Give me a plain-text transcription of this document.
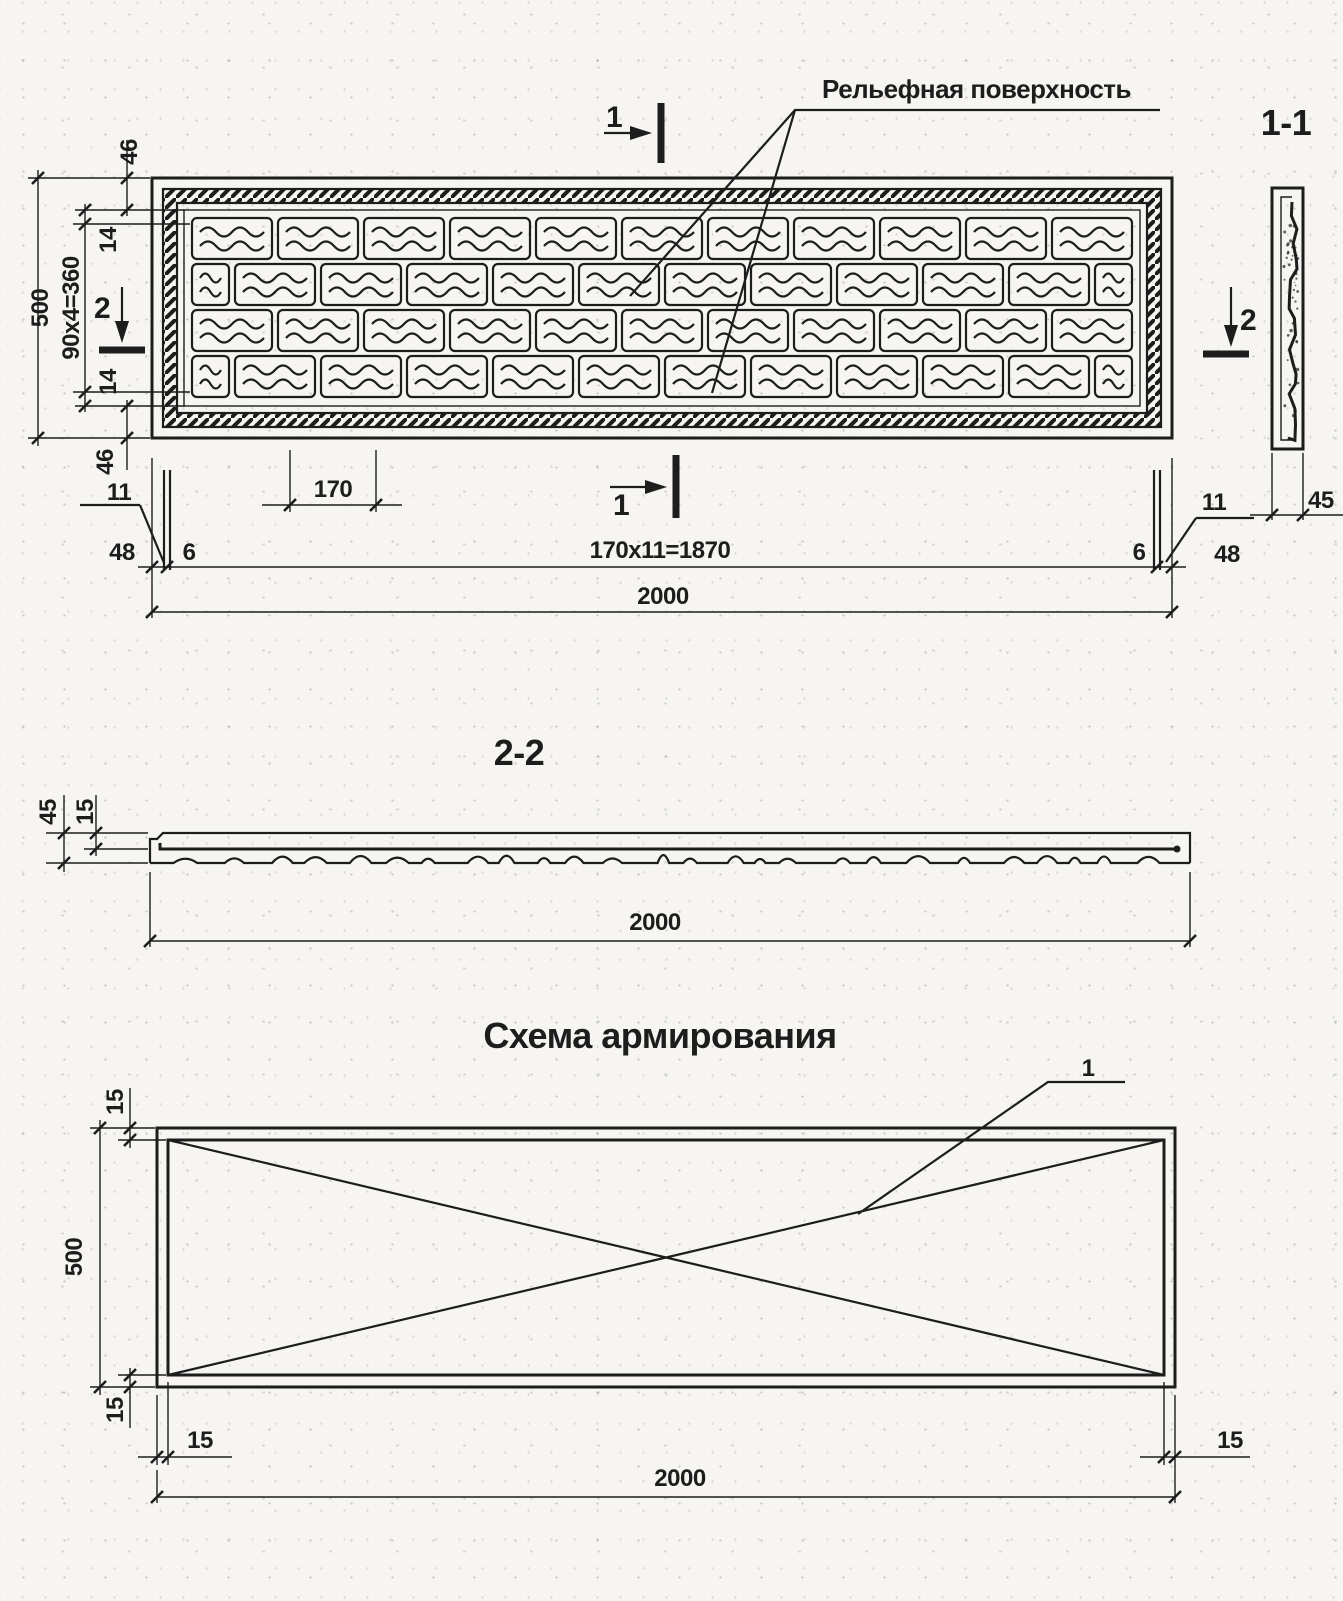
1
1
2	2
Рельефная поверхность
11	11
500 90x4=360
46
14
14
46
170
170x11=1870
2000
48 6	6	48
1-1
45
2-2
45 15
2000
Схема армирования
1
15
500
15
15	15
2000
